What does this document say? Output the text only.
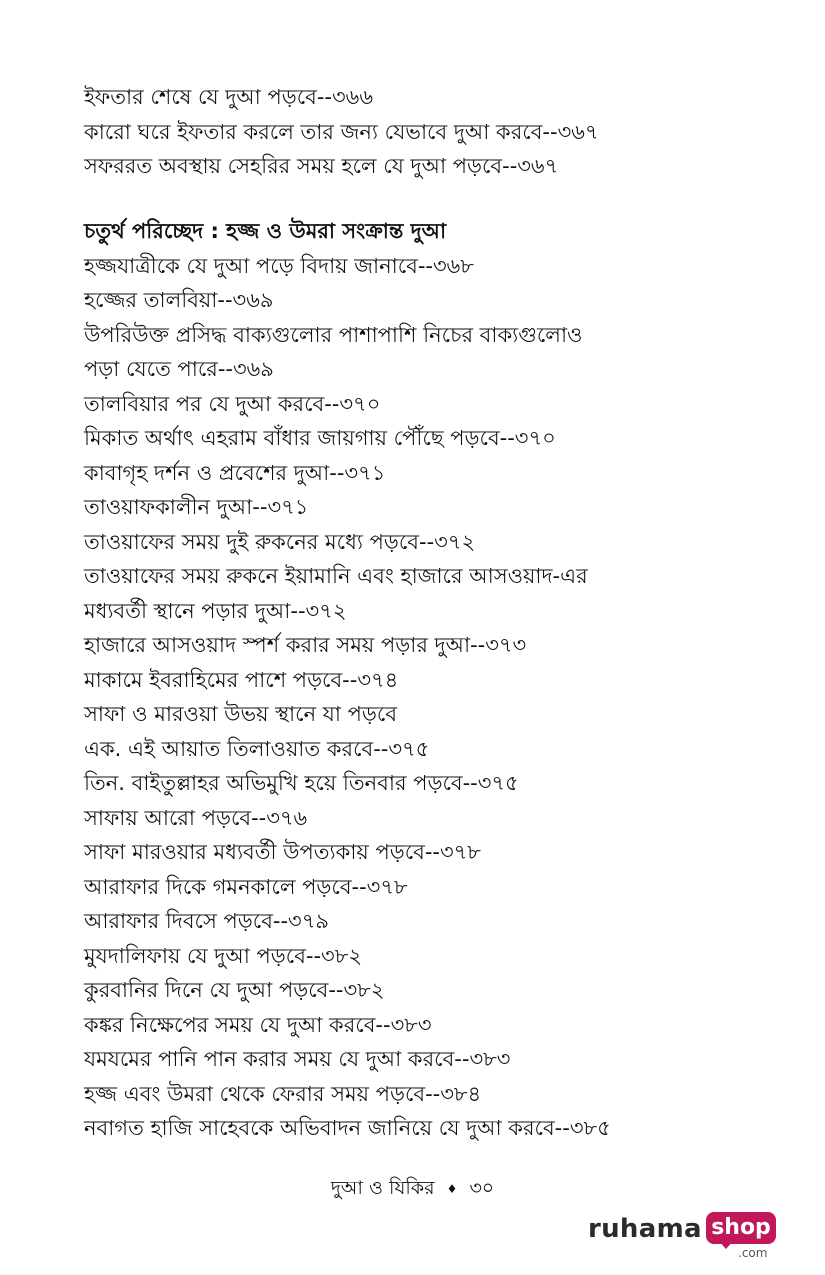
ইফতার শেষে যে দুআ পড়বে--৩৬৬
কারো ঘরে ইফতার করলে তার জন্য যেভাবে দুআ করবে--৩৬৭
সফররত অবস্থায় সেহরির সময় হলে যে দুআ পড়বে--৩৬৭
চতুর্থ পরিচ্ছেদ : হজ্জ ও উমরা সংক্রান্ত দুআ
হজ্জযাত্রীকে যে দুআ পড়ে বিদায় জানাবে--৩৬৮
হজ্জের তালবিয়া--৩৬৯
উপরিউক্ত প্রসিদ্ধ বাক্যগুলোর পাশাপাশি নিচের বাক্যগুলোও
পড়া যেতে পারে--৩৬৯
তালবিয়ার পর যে দুআ করবে--৩৭০
মিকাত অর্থাৎ এহরাম বাঁধার জায়গায় পৌঁছে পড়বে--৩৭০
কাবাগৃহ দর্শন ও প্রবেশের দুআ--৩৭১
তাওয়াফকালীন দুআ--৩৭১
তাওয়াফের সময় দুই রুকনের মধ্যে পড়বে--৩৭২
তাওয়াফের সময় রুকনে ইয়ামানি এবং হাজারে আসওয়াদ-এর
মধ্যবর্তী স্থানে পড়ার দুআ--৩৭২
হাজারে আসওয়াদ স্পর্শ করার সময় পড়ার দুআ--৩৭৩
মাকামে ইবরাহিমের পাশে পড়বে--৩৭৪
সাফা ও মারওয়া উভয় স্থানে যা পড়বে
এক. এই আয়াত তিলাওয়াত করবে--৩৭৫
তিন. বাইতুল্লাহর অভিমুখি হয়ে তিনবার পড়বে--৩৭৫
সাফায় আরো পড়বে--৩৭৬
সাফা মারওয়ার মধ্যবর্তী উপত্যকায় পড়বে--৩৭৮
আরাফার দিকে গমনকালে পড়বে--৩৭৮
আরাফার দিবসে পড়বে--৩৭৯
মুযদালিফায় যে দুআ পড়বে--৩৮২
কুরবানির দিনে যে দুআ পড়বে--৩৮২
কঙ্কর নিক্ষেপের সময় যে দুআ করবে--৩৮৩
যমযমের পানি পান করার সময় যে দুআ করবে--৩৮৩
হজ্জ এবং উমরা থেকে ফেরার সময় পড়বে--৩৮৪
নবাগত হাজি সাহেবকে অভিবাদন জানিয়ে যে দুআ করবে--৩৮৫
দুআ ও যিকির ♦ ৩০
ruhama shop
.com
